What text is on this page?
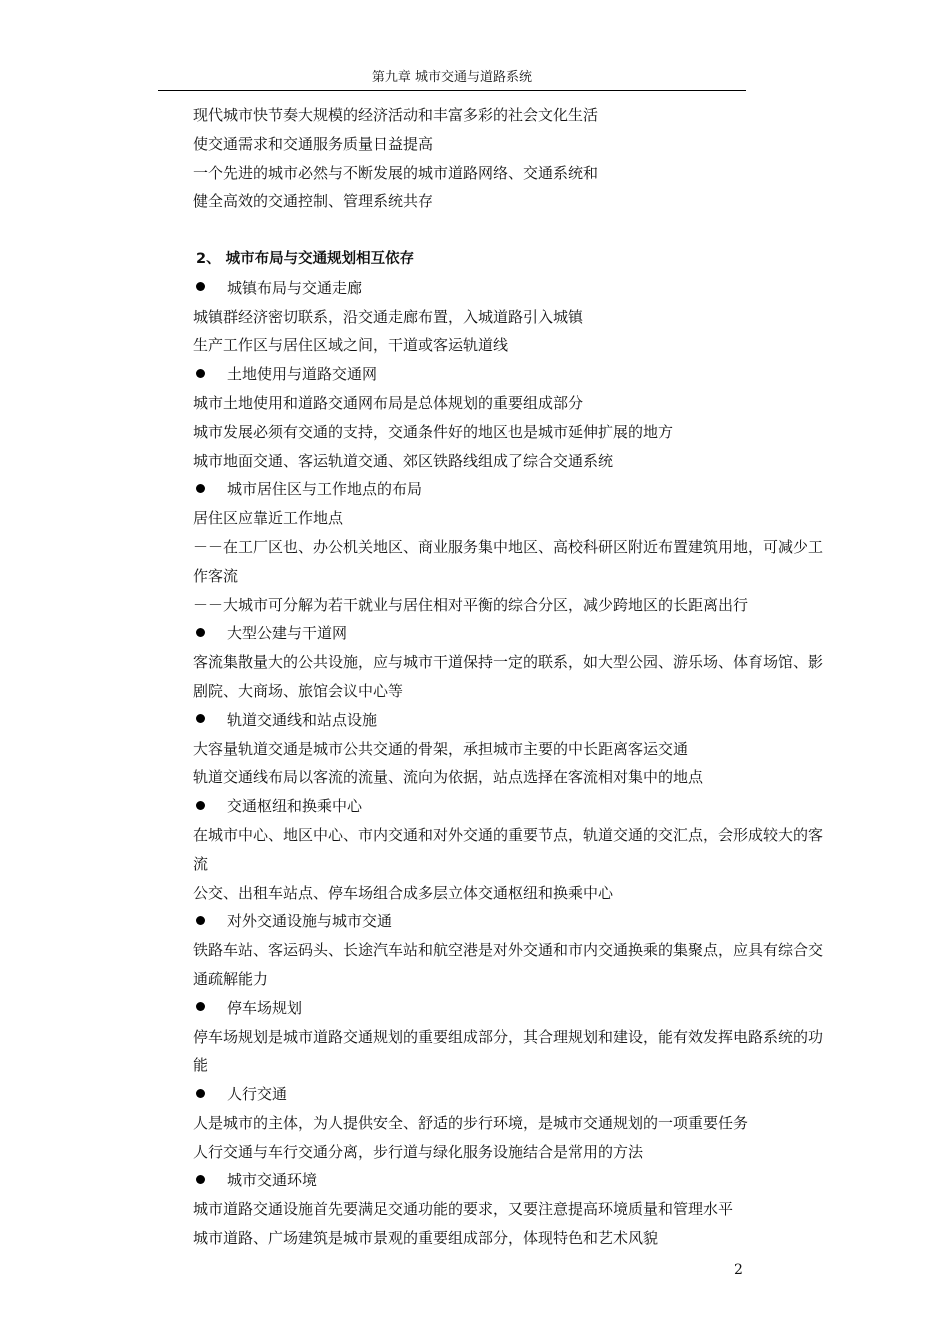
第九章 城市交通与道路系统
现代城市快节奏大规模的经济活动和丰富多彩的社会文化生活
使交通需求和交通服务质量日益提高
一个先进的城市必然与不断发展的城市道路网络、交通系统和
健全高效的交通控制、管理系统共存
2、 城市布局与交通规划相互依存
城镇布局与交通走廊
城镇群经济密切联系，沿交通走廊布置，入城道路引入城镇
生产工作区与居住区域之间，干道或客运轨道线
土地使用与道路交通网
城市土地使用和道路交通网布局是总体规划的重要组成部分
城市发展必须有交通的支持，交通条件好的地区也是城市延伸扩展的地方
城市地面交通、客运轨道交通、郊区铁路线组成了综合交通系统
城市居住区与工作地点的布局
居住区应靠近工作地点
－－在工厂区也、办公机关地区、商业服务集中地区、高校科研区附近布置建筑用地，可减少工作客流
－－大城市可分解为若干就业与居住相对平衡的综合分区，减少跨地区的长距离出行
大型公建与干道网
客流集散量大的公共设施，应与城市干道保持一定的联系，如大型公园、游乐场、体育场馆、影剧院、大商场、旅馆会议中心等
轨道交通线和站点设施
大容量轨道交通是城市公共交通的骨架，承担城市主要的中长距离客运交通
轨道交通线布局以客流的流量、流向为依据，站点选择在客流相对集中的地点
交通枢纽和换乘中心
在城市中心、地区中心、市内交通和对外交通的重要节点，轨道交通的交汇点，会形成较大的客流
公交、出租车站点、停车场组合成多层立体交通枢纽和换乘中心
对外交通设施与城市交通
铁路车站、客运码头、长途汽车站和航空港是对外交通和市内交通换乘的集聚点，应具有综合交通疏解能力
停车场规划
停车场规划是城市道路交通规划的重要组成部分，其合理规划和建设，能有效发挥电路系统的功能
人行交通
人是城市的主体，为人提供安全、舒适的步行环境，是城市交通规划的一项重要任务
人行交通与车行交通分离，步行道与绿化服务设施结合是常用的方法
城市交通环境
城市道路交通设施首先要满足交通功能的要求，又要注意提高环境质量和管理水平
城市道路、广场建筑是城市景观的重要组成部分，体现特色和艺术风貌
2
